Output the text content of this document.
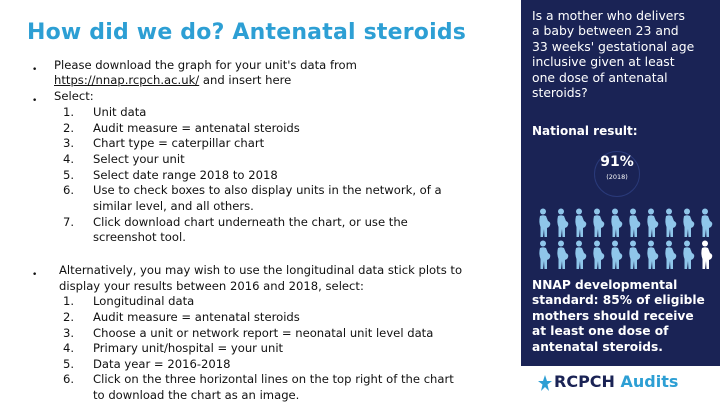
How did we do? Antenatal steroids
• Please download the graph for your unit's data from
https://nnap.rcpch.ac.uk/ and insert here
• Select:
1. Unit data
2. Audit measure = antenatal steroids
3. Chart type = caterpillar chart
4. Select your unit
5. Select date range 2018 to 2018
6. Use to check boxes to also display units in the network, of a
similar level, and all others.
7. Click download chart underneath the chart, or use the
screenshot tool.
• Alternatively, you may wish to use the longitudinal data stick plots to
display your results between 2016 and 2018, select:
1. Longitudinal data
2. Audit measure = antenatal steroids
3. Choose a unit or network report = neonatal unit level data
4. Primary unit/hospital = your unit
5. Data year = 2016-2018
6. Click on the three horizontal lines on the top right of the chart
to download the chart as an image.
Is a mother who delivers
a baby between 23 and
33 weeks' gestational age
inclusive given at least
one dose of antenatal
steroids?
National result:
91%
(2018)
NNAP developmental
standard: 85% of eligible
mothers should receive
at least one dose of
antenatal steroids.
RCPCH Audits
